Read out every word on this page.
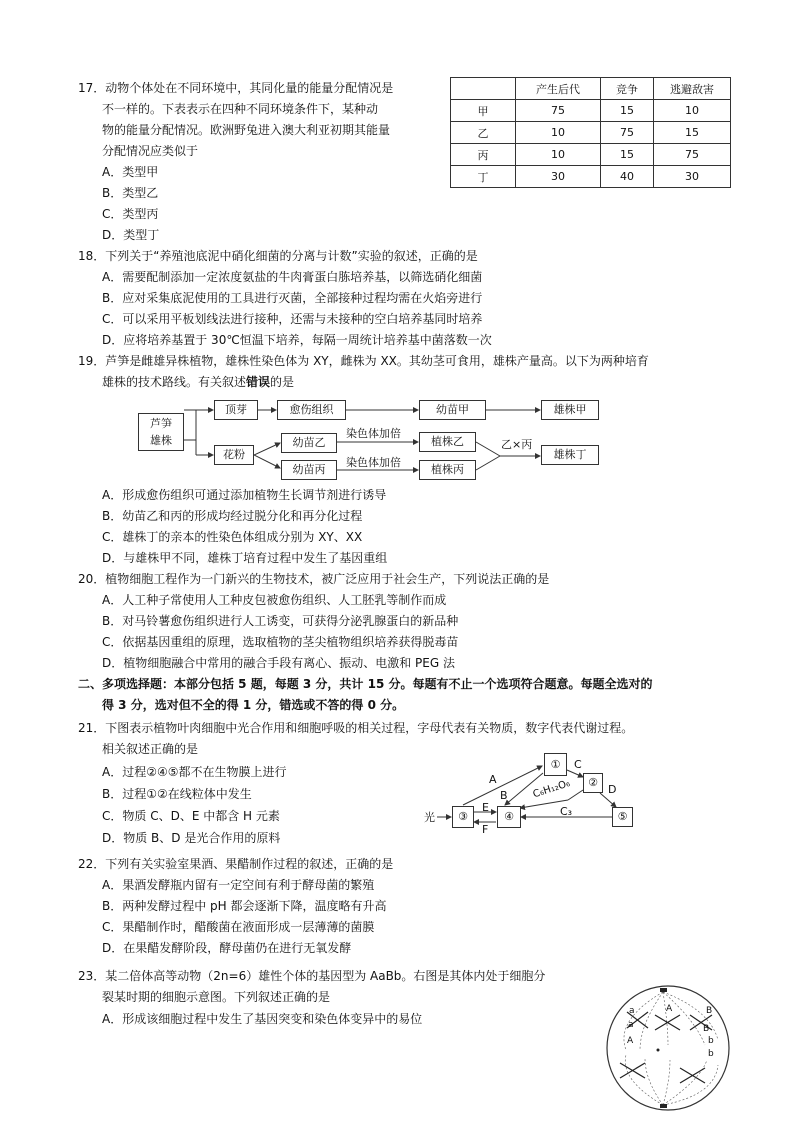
17．动物个体处在不同环境中，其同化量的能量分配情况是
不一样的。下表表示在四种不同环境条件下，某种动
物的能量分配情况。欧洲野兔进入澳大利亚初期其能量
分配情况应类似于
A．类型甲
B．类型乙
C．类型丙
D．类型丁
	产生后代	竞争	逃避敌害
甲	75	15	10
乙	10	75	15
丙	10	15	75
丁	30	40	30
18．下列关于“养殖池底泥中硝化细菌的分离与计数”实验的叙述，正确的是
A．需要配制添加一定浓度氨盐的牛肉膏蛋白胨培养基，以筛选硝化细菌
B．应对采集底泥使用的工具进行灭菌，全部接种过程均需在火焰旁进行
C．可以采用平板划线法进行接种，还需与未接种的空白培养基同时培养
D．应将培养基置于 30℃恒温下培养，每隔一周统计培养基中菌落数一次
19．芦笋是雌雄异株植物，雄株性染色体为 XY，雌株为 XX。其幼茎可食用，雄株产量高。以下为两种培育
雄株的技术路线。有关叙述错误的是
芦笋
雄株
顶芽	愈伤组织	幼苗甲	雄株甲
花粉
幼苗乙
幼苗丙
染色体加倍
染色体加倍
植株乙
植株丙
乙×丙
雄株丁
A．形成愈伤组织可通过添加植物生长调节剂进行诱导
B．幼苗乙和丙的形成均经过脱分化和再分化过程
C．雄株丁的亲本的性染色体组成分别为 XY、XX
D．与雄株甲不同，雄株丁培育过程中发生了基因重组
20．植物细胞工程作为一门新兴的生物技术，被广泛应用于社会生产，下列说法正确的是
A．人工种子常使用人工种皮包被愈伤组织、人工胚乳等制作而成
B．对马铃薯愈伤组织进行人工诱变，可获得分泌乳腺蛋白的新品种
C．依据基因重组的原理，选取植物的茎尖植物组织培养获得脱毒苗
D．植物细胞融合中常用的融合手段有离心、振动、电激和 PEG 法
二、多项选择题：本部分包括 5 题，每题 3 分，共计 15 分。每题有不止一个选项符合题意。每题全选对的
得 3 分，选对但不全的得 1 分，错选或不答的得 0 分。
21．下图表示植物叶肉细胞中光合作用和细胞呼吸的相关过程，字母代表有关物质，数字代表代谢过程。
相关叙述正确的是
A．过程②④⑤都不在生物膜上进行
B．过程①②在线粒体中发生
C．物质 C、D、E 中都含 H 元素
D．物质 B、D 是光合作用的原料
①
②
③	④	⑤
光
A
B
C
D
E
F
C₆H₁₂O₆
C₃
22．下列有关实验室果酒、果醋制作过程的叙述，正确的是
A．果酒发酵瓶内留有一定空间有利于酵母菌的繁殖
B．两种发酵过程中 pH 都会逐渐下降，温度略有升高
C．果醋制作时，醋酸菌在液面形成一层薄薄的菌膜
D．在果醋发酵阶段，酵母菌仍在进行无氧发酵
23．某二倍体高等动物（2n=6）雄性个体的基因型为 AaBb。右图是其体内处于细胞分
裂某时期的细胞示意图。下列叙述正确的是
A．形成该细胞过程中发生了基因突变和染色体变异中的易位
a
a
A
A
B
B
b
b
